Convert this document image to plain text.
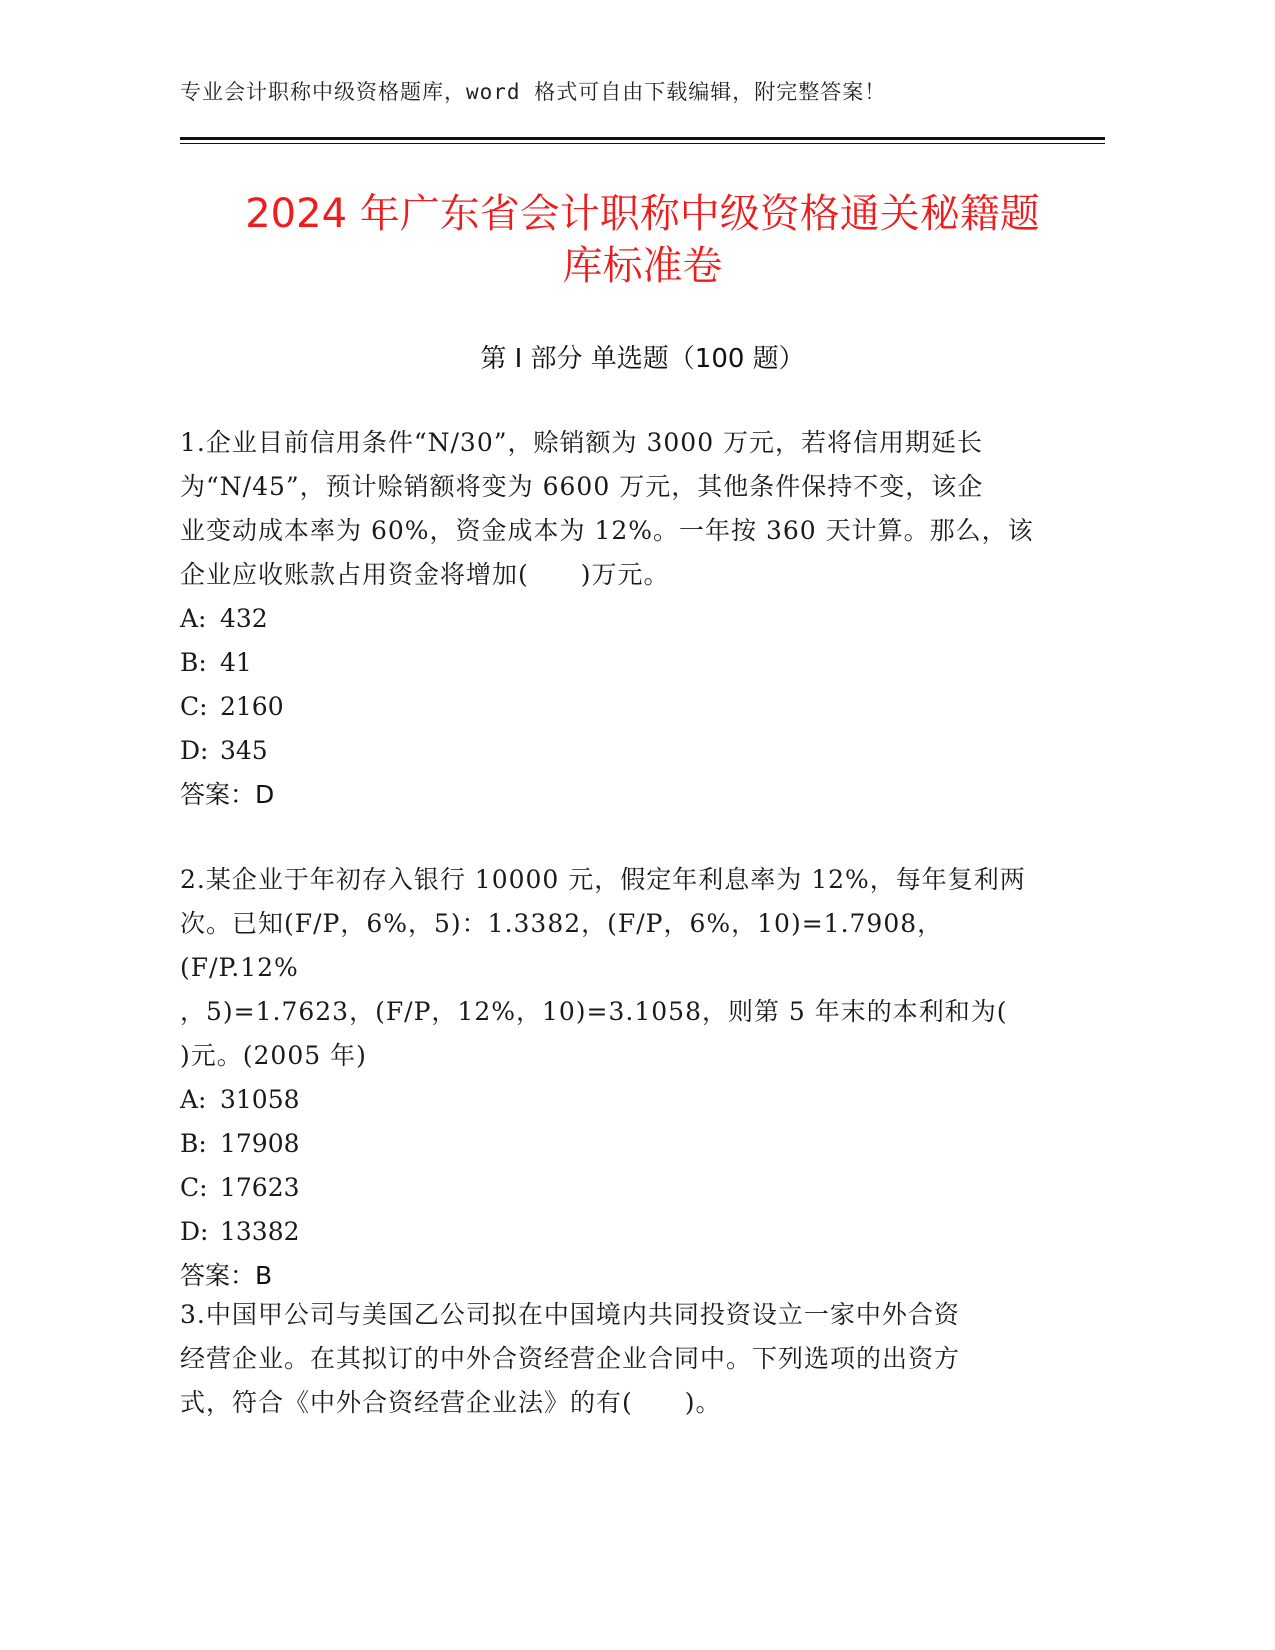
专业会计职称中级资格题库，word 格式可自由下载编辑，附完整答案！
2024 年广东省会计职称中级资格通关秘籍题
库标准卷
第 I 部分 单选题（100 题）

1.企业目前信用条件“N/30”，赊销额为 3000 万元，若将信用期延长
为“N/45”，预计赊销额将变为 6600 万元，其他条件保持不变，该企
业变动成本率为 60%，资金成本为 12%。一年按 360 天计算。那么，该
企业应收账款占用资金将增加(　　)万元。

A: 432
B: 41
C: 2160
D: 345

答案：D

2.某企业于年初存入银行 10000 元，假定年利息率为 12%，每年复利两
次。已知(F/P，6%，5)：1.3382，(F/P，6%，10)=1.7908，(F/P.12%
，5)=1.7623，(F/P，12%，10)=3.1058，则第 5 年末的本利和为(
)元。(2005 年)

A: 31058
B: 17908
C: 17623
D: 13382

答案：B

3.中国甲公司与美国乙公司拟在中国境内共同投资设立一家中外合资
经营企业。在其拟订的中外合资经营企业合同中。下列选项的出资方
式，符合《中外合资经营企业法》的有(　　)。
